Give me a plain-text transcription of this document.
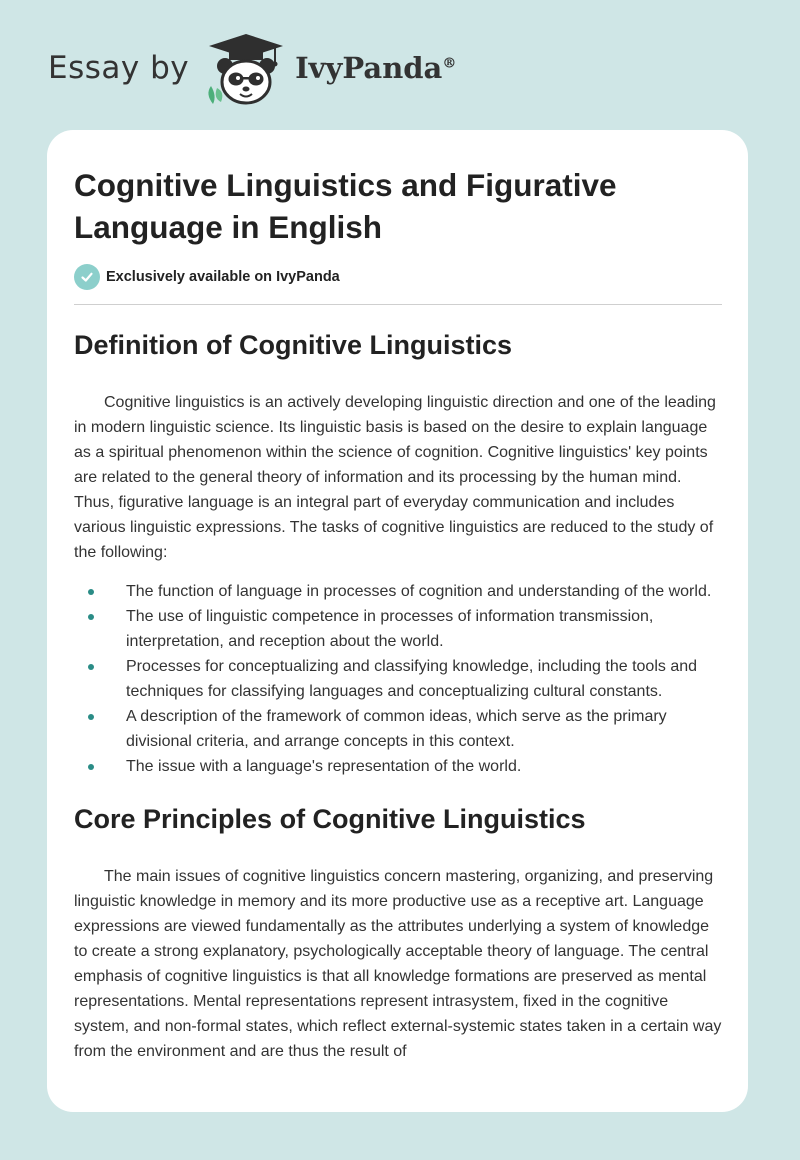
Essay by	IvyPanda®
Cognitive Linguistics and Figurative Language in English
Exclusively available on IvyPanda
Definition of Cognitive Linguistics

Cognitive linguistics is an actively developing linguistic direction and one of the leading in modern linguistic science. Its linguistic basis is based on the desire to explain language as a spiritual phenomenon within the science of cognition. Cognitive linguistics' key points are related to the general theory of information and its processing by the human mind. Thus, figurative language is an integral part of everyday communication and includes various linguistic expressions. The tasks of cognitive linguistics are reduced to the study of the following:

The function of language in processes of cognition and understanding of the world.
The use of linguistic competence in processes of information transmission, interpretation, and reception about the world.
Processes for conceptualizing and classifying knowledge, including the tools and techniques for classifying languages and conceptualizing cultural constants.
A description of the framework of common ideas, which serve as the primary divisional criteria, and arrange concepts in this context.
The issue with a language's representation of the world.
Core Principles of Cognitive Linguistics

The main issues of cognitive linguistics concern mastering, organizing, and preserving linguistic knowledge in memory and its more productive use as a receptive art. Language expressions are viewed fundamentally as the attributes underlying a system of knowledge to create a strong explanatory, psychologically acceptable theory of language. The central emphasis of cognitive linguistics is that all knowledge formations are preserved as mental representations. Mental representations represent intrasystem, fixed in the cognitive system, and non-formal states, which reflect external-systemic states taken in a certain way from the environment and are thus the result of
